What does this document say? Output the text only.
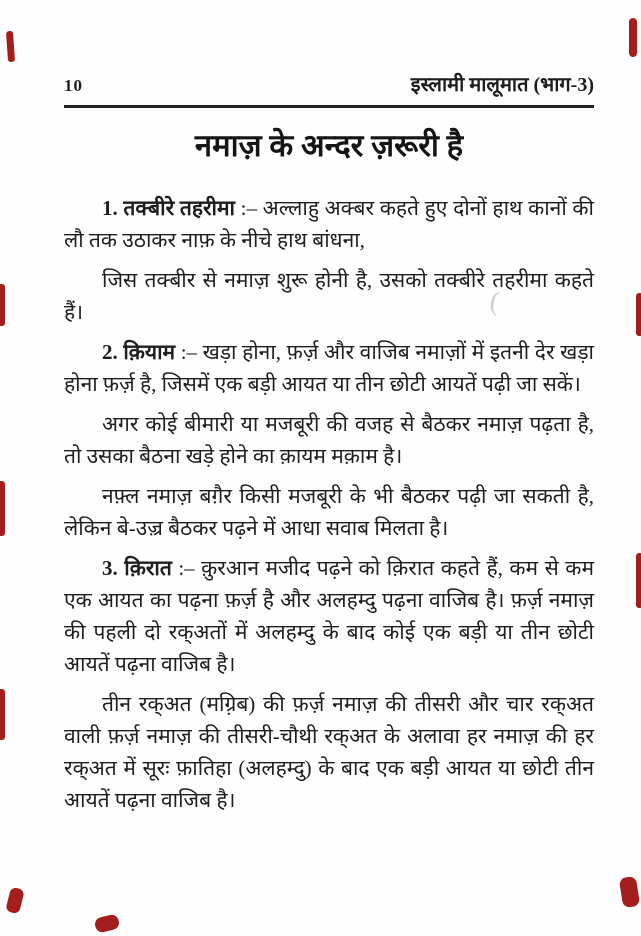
10	इस्लामी मालूमात (भाग-3)
नमाज़ के अन्दर ज़रूरी है

1. तक्बीरे तहरीमा :– अल्लाहु अक्बर कहते हुए दोनों हाथ कानों की लौ तक उठाकर नाफ़ के नीचे हाथ बांधना,

जिस तक्बीर से नमाज़ शुरू होनी है, उसको तक्बीरे तहरीमा कहते हैं।

2. क़ियाम :– खड़ा होना, फ़र्ज़ और वाजिब नमाज़ों में इतनी देर खड़ा होना फ़र्ज़ है, जिसमें एक बड़ी आयत या तीन छोटी आयतें पढ़ी जा सकें।

अगर कोई बीमारी या मजबूरी की वजह से बैठकर नमाज़ पढ़ता है, तो उसका बैठना खड़े होने का क़ायम मक़ाम है।

नफ़्ल नमाज़ बग़ैर किसी मजबूरी के भी बैठकर पढ़ी जा सकती है, लेकिन बे-उज़्र बैठकर पढ़ने में आधा सवाब मिलता है।

3. क़िरात :– क़ुरआन मजीद पढ़ने को क़िरात कहते हैं, कम से कम एक आयत का पढ़ना फ़र्ज़ है और अलहम्दु पढ़ना वाजिब है। फ़र्ज़ नमाज़ की पहली दो रक्अतों में अलहम्दु के बाद कोई एक बड़ी या तीन छोटी आयतें पढ़ना वाजिब है।

तीन रक्अत (मग़्रिब) की फ़र्ज़ नमाज़ की तीसरी और चार रक्अत वाली फ़र्ज़ नमाज़ की तीसरी-चौथी रक्अत के अलावा हर नमाज़ की हर रक्अत में सूरः फ़ातिहा (अलहम्दु) के बाद एक बड़ी आयत या छोटी तीन आयतें पढ़ना वाजिब है।

(
